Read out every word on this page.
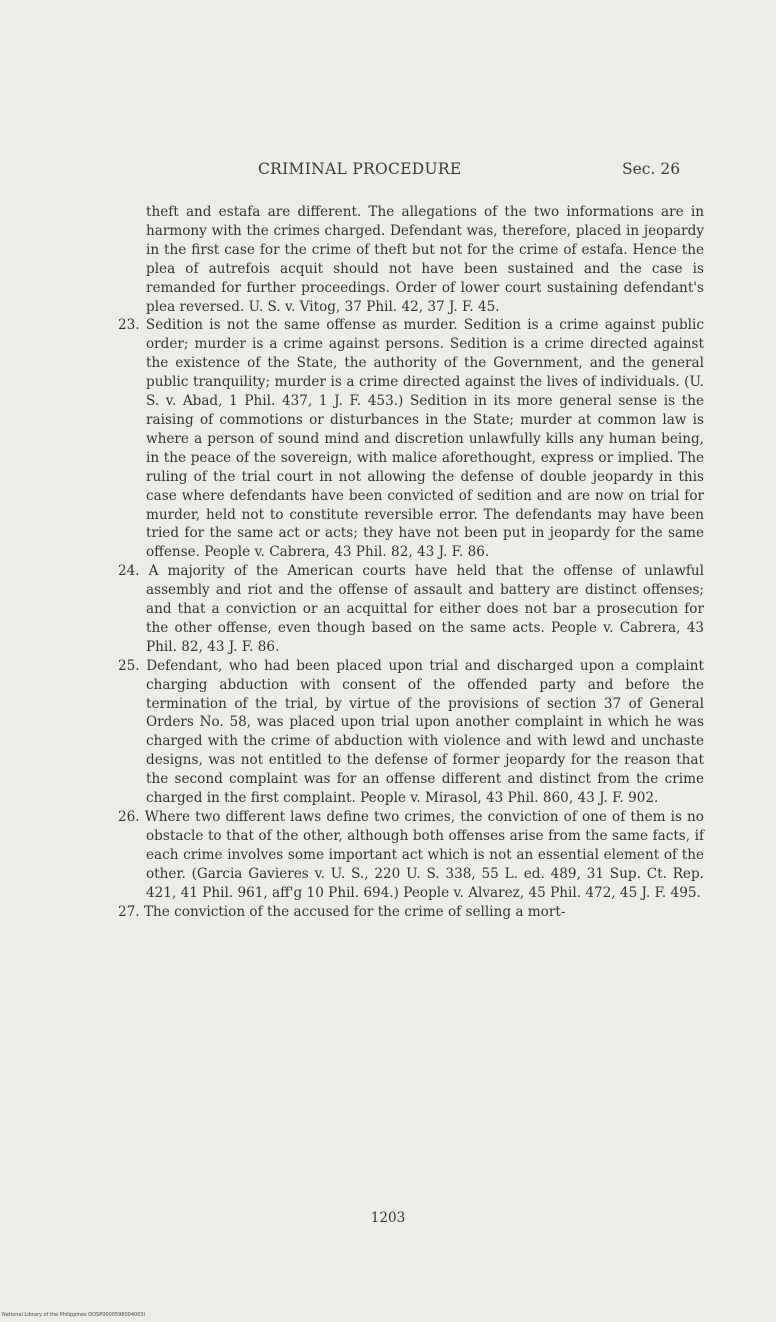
CRIMINAL PROCEDURE	Sec. 26

theft and estafa are different. The allegations of the two informations are in harmony with the crimes charged. Defendant was, therefore, placed in jeopardy in the first case for the crime of theft but not for the crime of estafa. Hence the plea of autrefois acquit should not have been sustained and the case is remanded for further proceedings. Order of lower court sustaining defendant's plea reversed. U. S. v. Vitog, 37 Phil. 42, 37 J. F. 45.

23. Sedition is not the same offense as murder. Sedition is a crime against public order; murder is a crime against persons. Sedition is a crime directed against the existence of the State, the authority of the Government, and the general public tranquility; murder is a crime directed against the lives of individuals. (U. S. v. Abad, 1 Phil. 437, 1 J. F. 453.) Sedition in its more general sense is the raising of commotions or disturbances in the State; murder at common law is where a person of sound mind and discretion unlawfully kills any human being, in the peace of the sovereign, with malice aforethought, express or implied. The ruling of the trial court in not allowing the defense of double jeopardy in this case where defendants have been convicted of sedition and are now on trial for murder, held not to constitute reversible error. The defendants may have been tried for the same act or acts; they have not been put in jeopardy for the same offense. People v. Cabrera, 43 Phil. 82, 43 J. F. 86.

24. A majority of the American courts have held that the offense of unlawful assembly and riot and the offense of assault and battery are distinct offenses; and that a conviction or an acquittal for either does not bar a prosecution for the other offense, even though based on the same acts. People v. Cabrera, 43 Phil. 82, 43 J. F. 86.

25. Defendant, who had been placed upon trial and discharged upon a complaint charging abduction with consent of the offended party and before the termination of the trial, by virtue of the provisions of section 37 of General Orders No. 58, was placed upon trial upon another complaint in which he was charged with the crime of abduction with violence and with lewd and unchaste designs, was not entitled to the defense of former jeopardy for the reason that the second complaint was for an offense different and distinct from the crime charged in the first complaint. People v. Mirasol, 43 Phil. 860, 43 J. F. 902.

26. Where two different laws define two crimes, the conviction of one of them is no obstacle to that of the other, although both offenses arise from the same facts, if each crime involves some important act which is not an essential element of the other. (Garcia Gavieres v. U. S., 220 U. S. 338, 55 L. ed. 489, 31 Sup. Ct. Rep. 421, 41 Phil. 961, aff'g 10 Phil. 694.) People v. Alvarez, 45 Phil. 472, 45 J. F. 495.

27. The conviction of the accused for the crime of selling a mort-

1203
National Library of the Philippines DOSP0000598004003I
